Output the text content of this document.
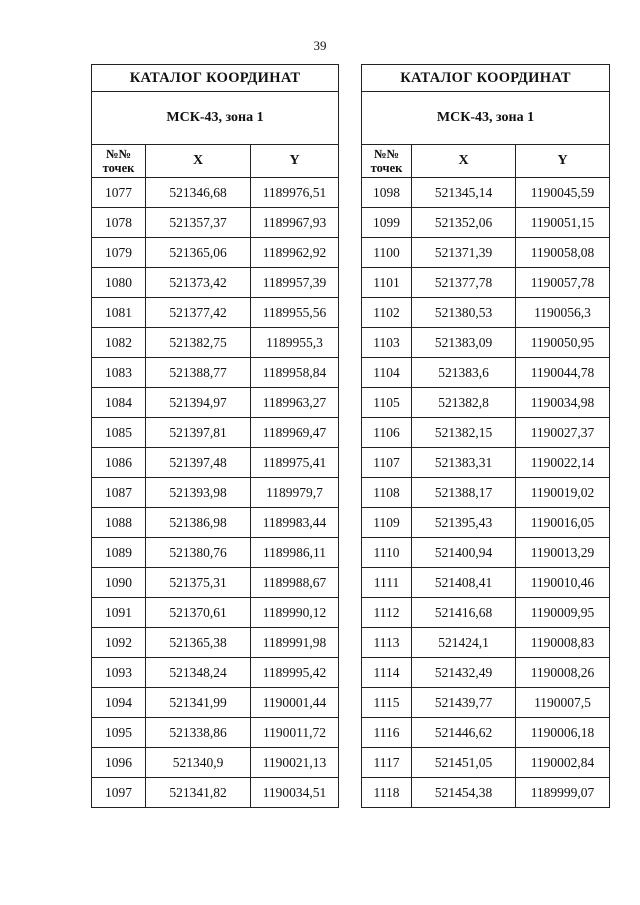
39
КАТАЛОГ КООРДИНАТ		
МСК-43, зона 1		
№№
точек	X	Y
1077	521346,68	1189976,51
1078	521357,37	1189967,93
1079	521365,06	1189962,92
1080	521373,42	1189957,39
1081	521377,42	1189955,56
1082	521382,75	1189955,3
1083	521388,77	1189958,84
1084	521394,97	1189963,27
1085	521397,81	1189969,47
1086	521397,48	1189975,41
1087	521393,98	1189979,7
1088	521386,98	1189983,44
1089	521380,76	1189986,11
1090	521375,31	1189988,67
1091	521370,61	1189990,12
1092	521365,38	1189991,98
1093	521348,24	1189995,42
1094	521341,99	1190001,44
1095	521338,86	1190011,72
1096	521340,9	1190021,13
1097	521341,82	1190034,51
КАТАЛОГ КООРДИНАТ		
МСК-43, зона 1		
№№
точек	X	Y
1098	521345,14	1190045,59
1099	521352,06	1190051,15
1100	521371,39	1190058,08
1101	521377,78	1190057,78
1102	521380,53	1190056,3
1103	521383,09	1190050,95
1104	521383,6	1190044,78
1105	521382,8	1190034,98
1106	521382,15	1190027,37
1107	521383,31	1190022,14
1108	521388,17	1190019,02
1109	521395,43	1190016,05
1110	521400,94	1190013,29
1111	521408,41	1190010,46
1112	521416,68	1190009,95
1113	521424,1	1190008,83
1114	521432,49	1190008,26
1115	521439,77	1190007,5
1116	521446,62	1190006,18
1117	521451,05	1190002,84
1118	521454,38	1189999,07
